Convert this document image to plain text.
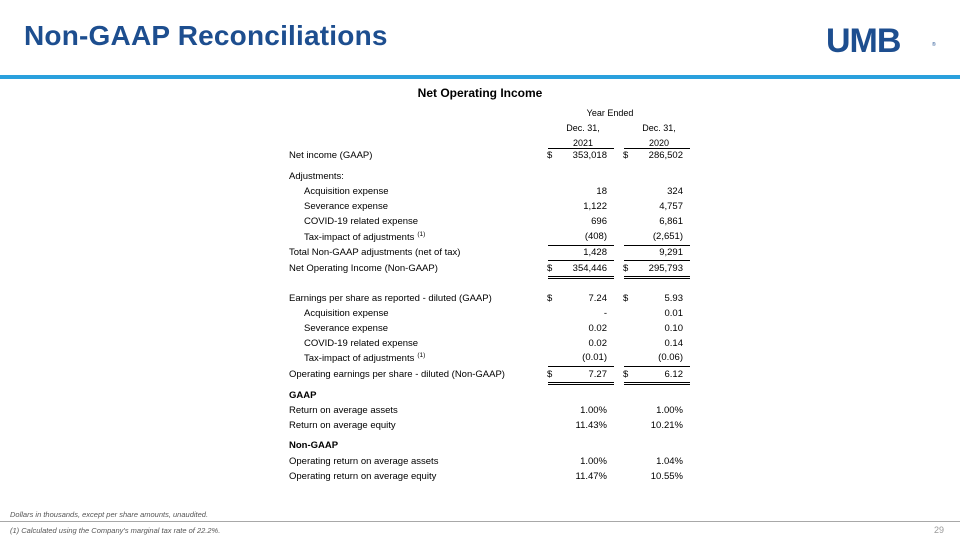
Non-GAAP Reconciliations	UMB	®
Net Operating Income
Year Ended
Dec. 31,	Dec. 31,
2021	2020
Net income (GAAP)	$	353,018 $	286,502
Adjustments:
Acquisition expense	18	324
Severance expense	1,122	4,757
COVID-19 related expense	696	6,861
Tax-impact of adjustments $^{(1)}$	(408)	(2,651)
Total Non-GAAP adjustments (net of tax)	1,428	9,291
Net Operating Income (Non-GAAP)	$	354,446 $	295,793
Earnings per share as reported - diluted (GAAP)	$	7.24 $	5.93
Acquisition expense	-	0.01
Severance expense	0.02	0.10
COVID-19 related expense	0.02	0.14
Tax-impact of adjustments $^{(1)}$	(0.01)	(0.06)
Operating earnings per share - diluted (Non-GAAP)	$	7.27 $	6.12
GAAP
Return on average assets	1.00%	1.00%
Return on average equity	11.43%	10.21%
Non-GAAP
Operating return on average assets	1.00%	1.04%
Operating return on average equity	11.47%	10.55%
Dollars in thousands, except per share amounts, unaudited.
(1) Calculated using the Company's marginal tax rate of 22.2%.	29
